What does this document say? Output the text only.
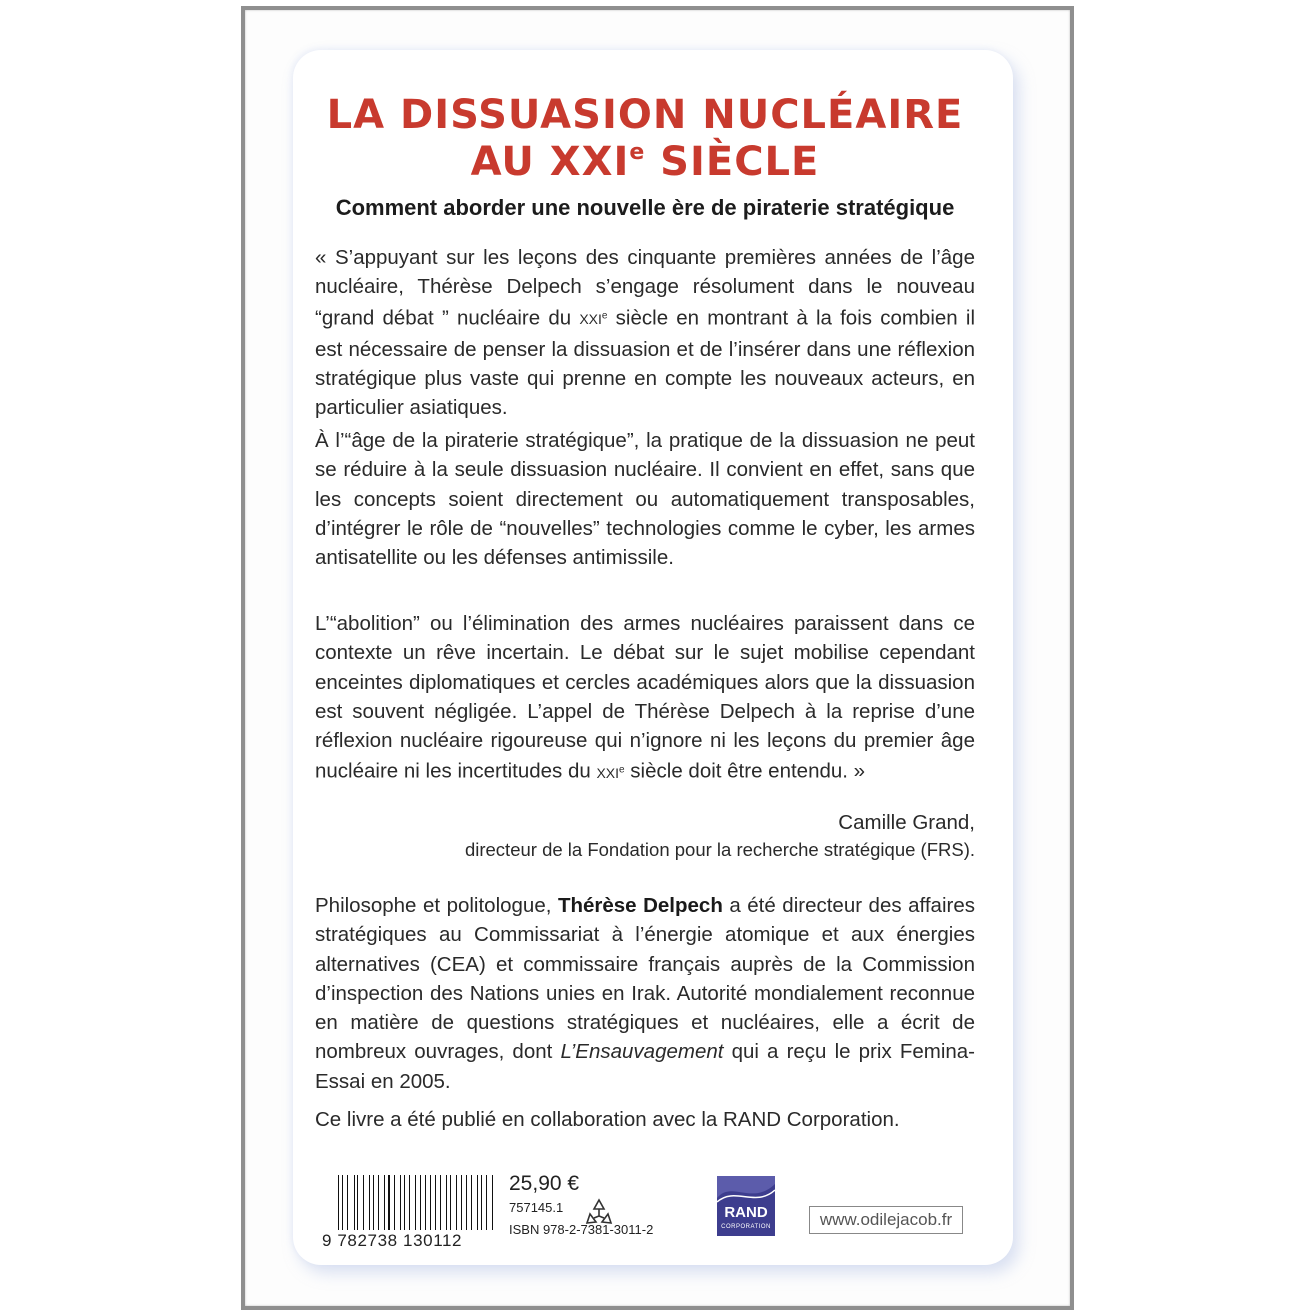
LA DISSUASION NUCLÉAIRE
AU XXIe SIÈCLE
Comment aborder une nouvelle ère de piraterie stratégique

« S’appuyant sur les leçons des cinquante premières années de l’âge nucléaire, Thérèse Delpech s’engage résolument dans le nouveau “grand débat ” nucléaire du XXIe siècle en montrant à la fois combien il est nécessaire de penser la dissuasion et de l’insérer dans une réflexion stratégique plus vaste qui prenne en compte les nouveaux acteurs, en particulier asiatiques.

À l’“âge de la piraterie stratégique”, la pratique de la dissuasion ne peut se réduire à la seule dissuasion nucléaire. Il convient en effet, sans que les concepts soient directement ou automatiquement transposables, d’intégrer le rôle de “nouvelles” technologies comme le cyber, les armes antisatellite ou les défenses antimissile.

L’“abolition” ou l’élimination des armes nucléaires paraissent dans ce contexte un rêve incertain. Le débat sur le sujet mobilise cependant enceintes diplomatiques et cercles académiques alors que la dissuasion est souvent négligée. L’appel de Thérèse Delpech à la reprise d’une réflexion nucléaire rigoureuse qui n’ignore ni les leçons du premier âge nucléaire ni les incertitudes du XXIe siècle doit être entendu. »

Camille Grand,

directeur de la Fondation pour la recherche stratégique (FRS).

Philosophe et politologue, Thérèse Delpech a été directeur des affaires stratégiques au Commissariat à l’énergie atomique et aux énergies alternatives (CEA) et commissaire français auprès de la Commission d’inspection des Nations unies en Irak. Autorité mondialement reconnue en matière de questions stratégiques et nucléaires, elle a écrit de nombreux ouvrages, dont L’Ensauvagement qui a reçu le prix Femina-Essai en 2005.

Ce livre a été publié en collaboration avec la RAND Corporation.

9 782738 130112
25,90 €
757145.1
ISBN 978-2-7381-3011-2
RAND
CORPORATION	www.odilejacob.fr
